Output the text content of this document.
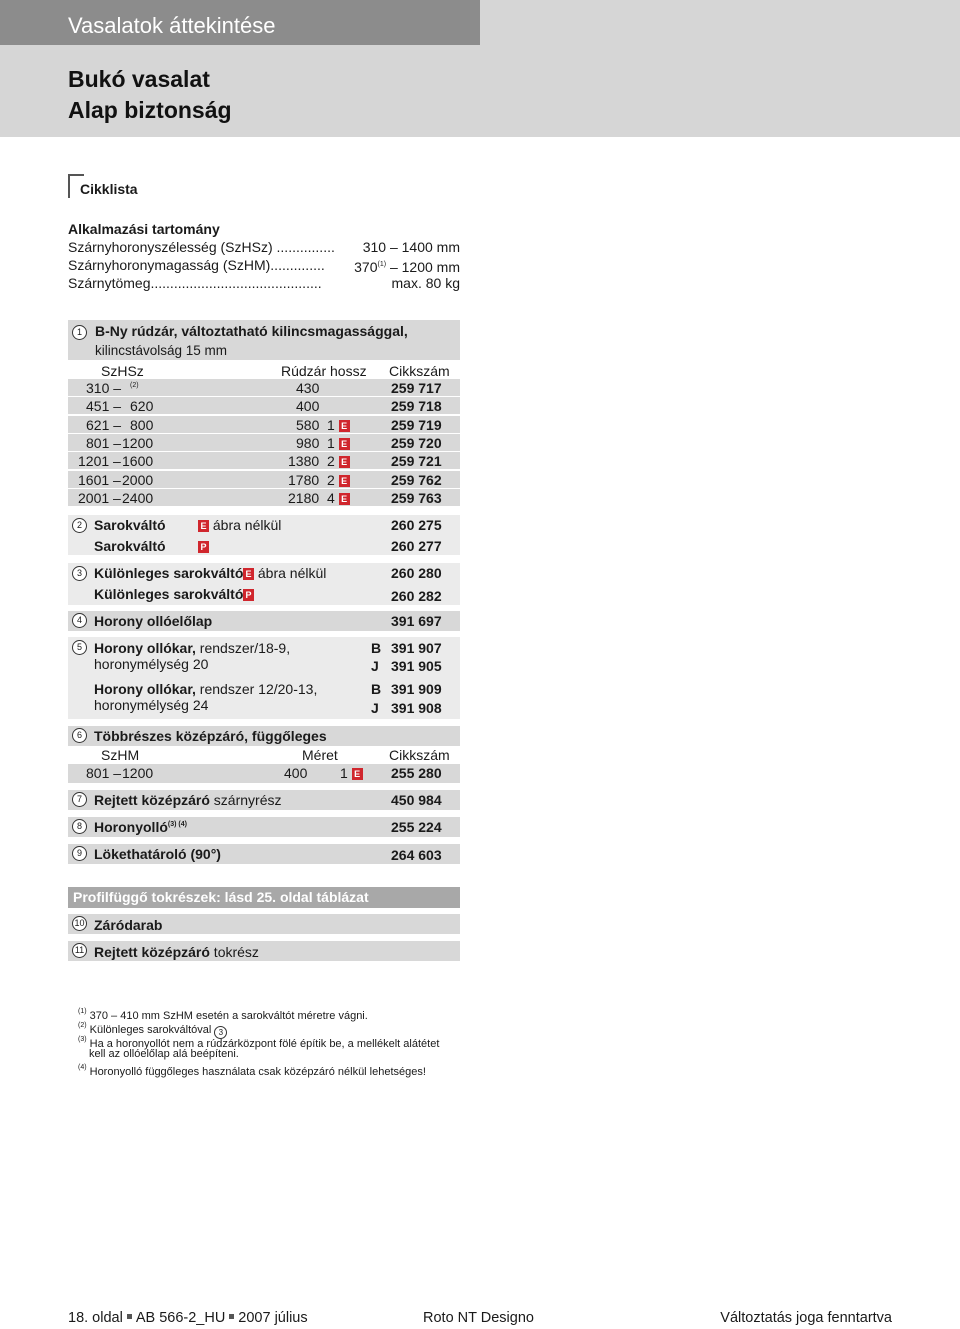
Vasalatok áttekintése
Bukó vasalat
Alap biztonság
Cikklista
Alkalmazási tartomány
Szárnyhoronyszélesség (SzHSz) ............... 310 – 1400 mm
Szárnyhoronymagasság (SzHM).............. 370$^{(1)}$ – 1200 mm
Szárnytömeg............................................	max. 80 kg
1 B-Ny rúdzár, változtatható kilincsmagassággal,
kilincstávolság 15 mm
SzHSz	Rúdzár hossz Cikkszám
310 – $^{(2)}$	430	259 717
451 – 620	400	259 718
621 – 800	580 1 E	259 719
801 – 1200	980 1 E	259 720
1201 – 1600	1380 2 E	259 721
1601 – 2000	1780 2 E	259 762
2001 – 2400	2180 4 E	259 763
2 Sarokváltó	E ábra nélkül	260 275
Sarokváltó	P	260 277
3 Különleges sarokváltó E ábra nélkül	260 280
Különleges sarokváltó P	260 282
4 Horony ollóelőlap	391 697
5 Horony ollókar, rendszer/18-9,
horonymélység 20
B 391 907
J 391 905
Horony ollókar, rendszer 12/20-13,
horonymélység 24
B 391 909
J 391 908
6 Többrészes középzáró, függőleges
SzHM	Méret	Cikkszám
801 – 1200	400 1 E 255 280
7 Rejtett középzáró szárnyrész	450 984
8 Horonyolló$^{(3) (4)}$	255 224
9 Lökethatároló (90°)	264 603
Profilfüggő tokrészek: lásd 25. oldal táblázat
10 Záródarab
11 Rejtett középzáró tokrész
$^{(1)}$ 370 – 410 mm SzHM esetén a sarokváltót méretre vágni.
$^{(2)}$ Különleges sarokváltóval 3
$^{(3)}$ Ha a horonyollót nem a rúdzárközpont fölé építik be, a mellékelt alátétet
kell az ollóelőlap alá beépíteni.
$^{(4)}$ Horonyolló függőleges használata csak középzáró nélkül lehetséges!
18. oldal AB 566-2_HU 2007 július	Roto NT Designo	Változtatás joga fenntartva
